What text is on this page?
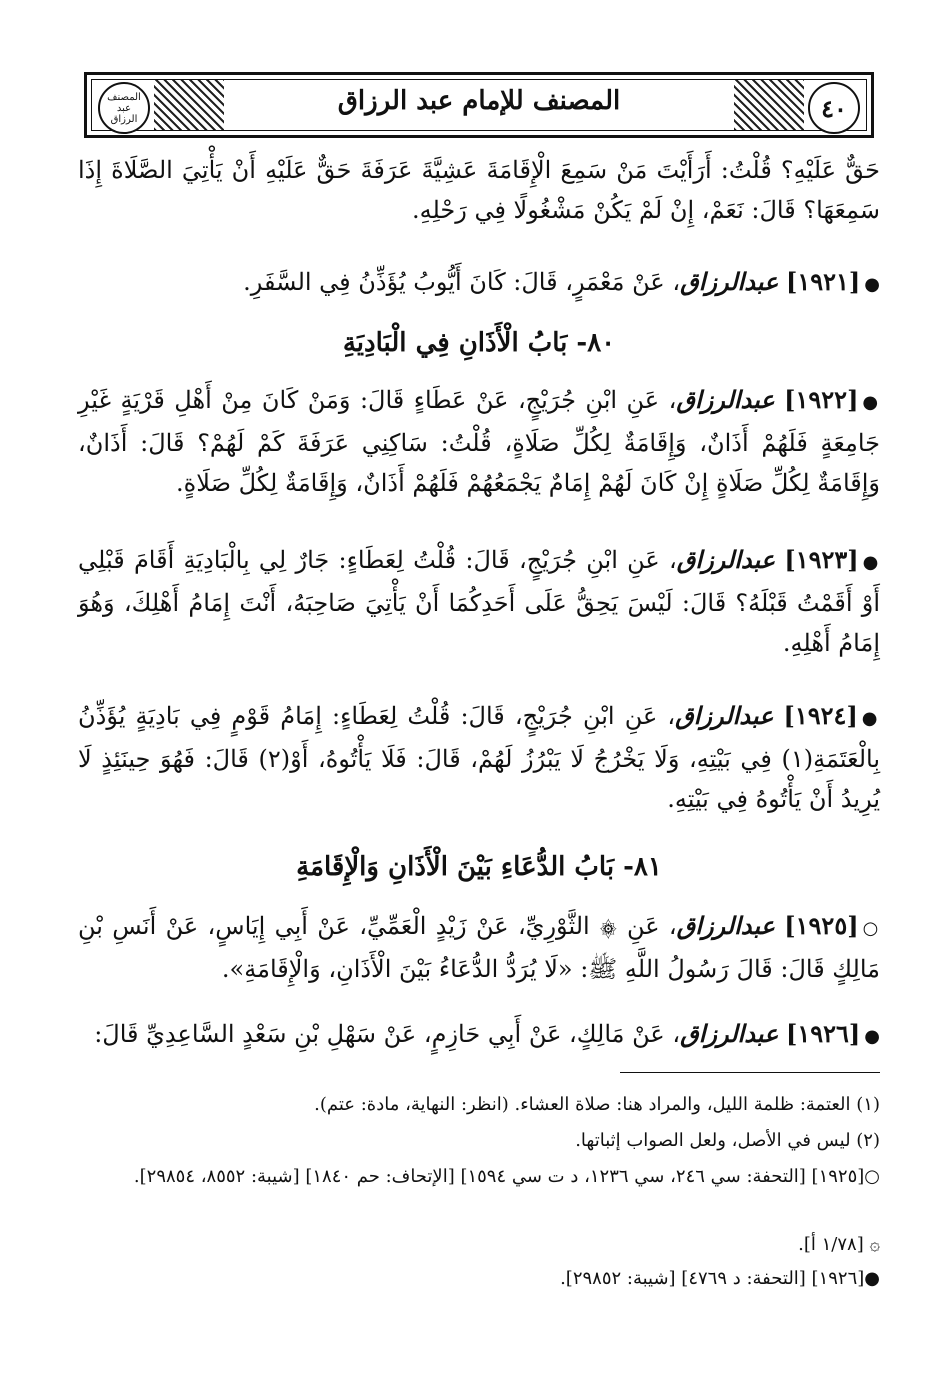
المصنف عبد الرزاق
المصنف للإمام عبد الرزاق	٤٠

حَقٌّ عَلَيْهِ؟ قُلْتُ: أَرَأَيْتَ مَنْ سَمِعَ الْإِقَامَةَ عَشِيَّةَ عَرَفَةَ حَقٌّ عَلَيْهِ أَنْ يَأْتِيَ الصَّلَاةَ إِذَا سَمِعَهَا؟ قَالَ: نَعَمْ، إِنْ لَمْ يَكُنْ مَشْغُولًا فِي رَحْلِهِ.

●[١٩٢١] عبدالرزاق، عَنْ مَعْمَرٍ، قَالَ: كَانَ أَيُّوبُ يُؤَذِّنُ فِي السَّفَرِ.

٨٠- بَابُ الْأَذَانِ فِي الْبَادِيَةِ

●[١٩٢٢] عبدالرزاق، عَنِ ابْنِ جُرَيْجٍ، عَنْ عَطَاءٍ قَالَ: وَمَنْ كَانَ مِنْ أَهْلِ قَرْيَةٍ غَيْرِ جَامِعَةٍ فَلَهُمْ أَذَانٌ، وَإِقَامَةٌ لِكُلِّ صَلَاةٍ، قُلْتُ: سَاكِنِي عَرَفَةَ كَمْ لَهُمْ؟ قَالَ: أَذَانٌ، وَإِقَامَةٌ لِكُلِّ صَلَاةٍ إِنْ كَانَ لَهُمْ إِمَامٌ يَجْمَعُهُمْ فَلَهُمْ أَذَانٌ، وَإِقَامَةٌ لِكُلِّ صَلَاةٍ.

●[١٩٢٣] عبدالرزاق، عَنِ ابْنِ جُرَيْجٍ، قَالَ: قُلْتُ لِعَطَاءٍ: جَارٌ لِي بِالْبَادِيَةِ أَقَامَ قَبْلِي أَوْ أَقَمْتُ قَبْلَهُ؟ قَالَ: لَيْسَ يَحِقُّ عَلَى أَحَدِكُمَا أَنْ يَأْتِيَ صَاحِبَهُ، أَنْتَ إِمَامُ أَهْلِكَ، وَهُوَ إِمَامُ أَهْلِهِ.

●[١٩٢٤] عبدالرزاق، عَنِ ابْنِ جُرَيْجٍ، قَالَ: قُلْتُ لِعَطَاءٍ: إِمَامُ قَوْمٍ فِي بَادِيَةٍ يُؤَذِّنُ بِالْعَتَمَةِ(١) فِي بَيْتِهِ، وَلَا يَخْرُجُ لَا يَبْرُزُ لَهُمْ، قَالَ: فَلَا يَأْتُوهُ، أَوْ(٢) قَالَ: فَهُوَ حِينَئِذٍ لَا يُرِيدُ أَنْ يَأْتُوهُ فِي بَيْتِهِ.

٨١- بَابُ الدُّعَاءِ بَيْنَ الْأَذَانِ وَالْإِقَامَةِ

○[١٩٢٥] عبدالرزاق، عَنِ ۞ الثَّوْرِيِّ، عَنْ زَيْدٍ الْعَمِّيِّ، عَنْ أَبِي إِيَاسٍ، عَنْ أَنَسِ بْنِ مَالِكٍ قَالَ: قَالَ رَسُولُ اللَّهِ ﷺ: «لَا يُرَدُّ الدُّعَاءُ بَيْنَ الْأَذَانِ، وَالْإِقَامَةِ».

●[١٩٢٦] عبدالرزاق، عَنْ مَالِكٍ، عَنْ أَبِي حَازِمٍ، عَنْ سَهْلِ بْنِ سَعْدٍ السَّاعِدِيِّ قَالَ:

(١) العتمة: ظلمة الليل، والمراد هنا: صلاة العشاء. (انظر: النهاية، مادة: عتم).

(٢) ليس في الأصل، ولعل الصواب إثباتها.

○[١٩٢٥] [التحفة: سي ٢٤٦، سي ١٢٣٦، د ت سي ١٥٩٤] [الإتحاف: حم ١٨٤٠] [شيبة: ٨٥٥٢، ٢٩٨٥٤].

۞ [١/٧٨ أ].

●[١٩٢٦] [التحفة: د ٤٧٦٩] [شيبة: ٢٩٨٥٢].
